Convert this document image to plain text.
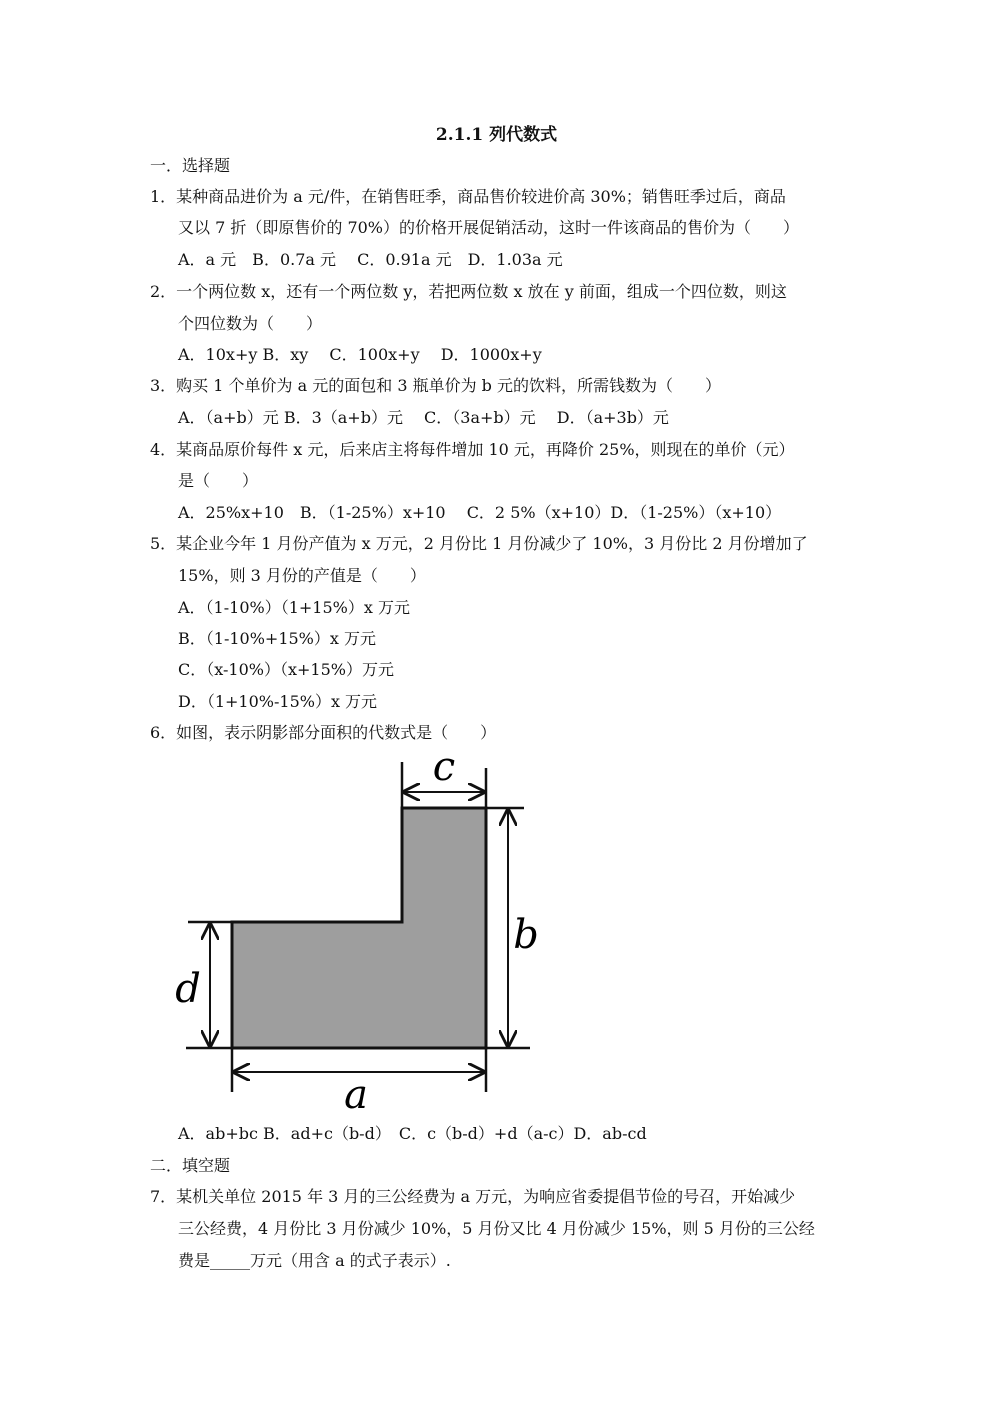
2.1.1 列代数式
一．选择题
1．某种商品进价为 a 元/件，在销售旺季，商品售价较进价高 30%；销售旺季过后，商品
又以 7 折（即原售价的 70%）的价格开展促销活动，这时一件该商品的售价为（　　）
A．a 元　B．0.7a 元　 C．0.91a 元　D．1.03a 元
2．一个两位数 x，还有一个两位数 y，若把两位数 x 放在 y 前面，组成一个四位数，则这
个四位数为（　　）
A．10x+y B．xy　 C．100x+y　 D．1000x+y
3．购买 1 个单价为 a 元的面包和 3 瓶单价为 b 元的饮料，所需钱数为（　　）
A．（a+b）元 B．3（a+b）元　 C．（3a+b）元　 D．（a+3b）元
4．某商品原价每件 x 元，后来店主将每件增加 10 元，再降价 25%，则现在的单价（元）
是（　　）
A．25%x+10　B．（1-25%）x+10　 C．2 5%（x+10）D．（1-25%）（x+10）
5．某企业今年 1 月份产值为 x 万元，2 月份比 1 月份减少了 10%，3 月份比 2 月份增加了
15%，则 3 月份的产值是（　　）
A．（1-10%）（1+15%）x 万元
B．（1-10%+15%）x 万元
C．（x-10%）（x+15%）万元
D．（1+10%-15%）x 万元
6．如图，表示阴影部分面积的代数式是（　　）
c
b
d
a
A．ab+bc B．ad+c（b-d）　C．c（b-d）+d（a-c）D．ab-cd
二．填空题
7．某机关单位 2015 年 3 月的三公经费为 a 万元，为响应省委提倡节俭的号召，开始减少
三公经费，4 月份比 3 月份减少 10%，5 月份又比 4 月份减少 15%，则 5 月份的三公经
费是_____万元（用含 a 的式子表示）.
